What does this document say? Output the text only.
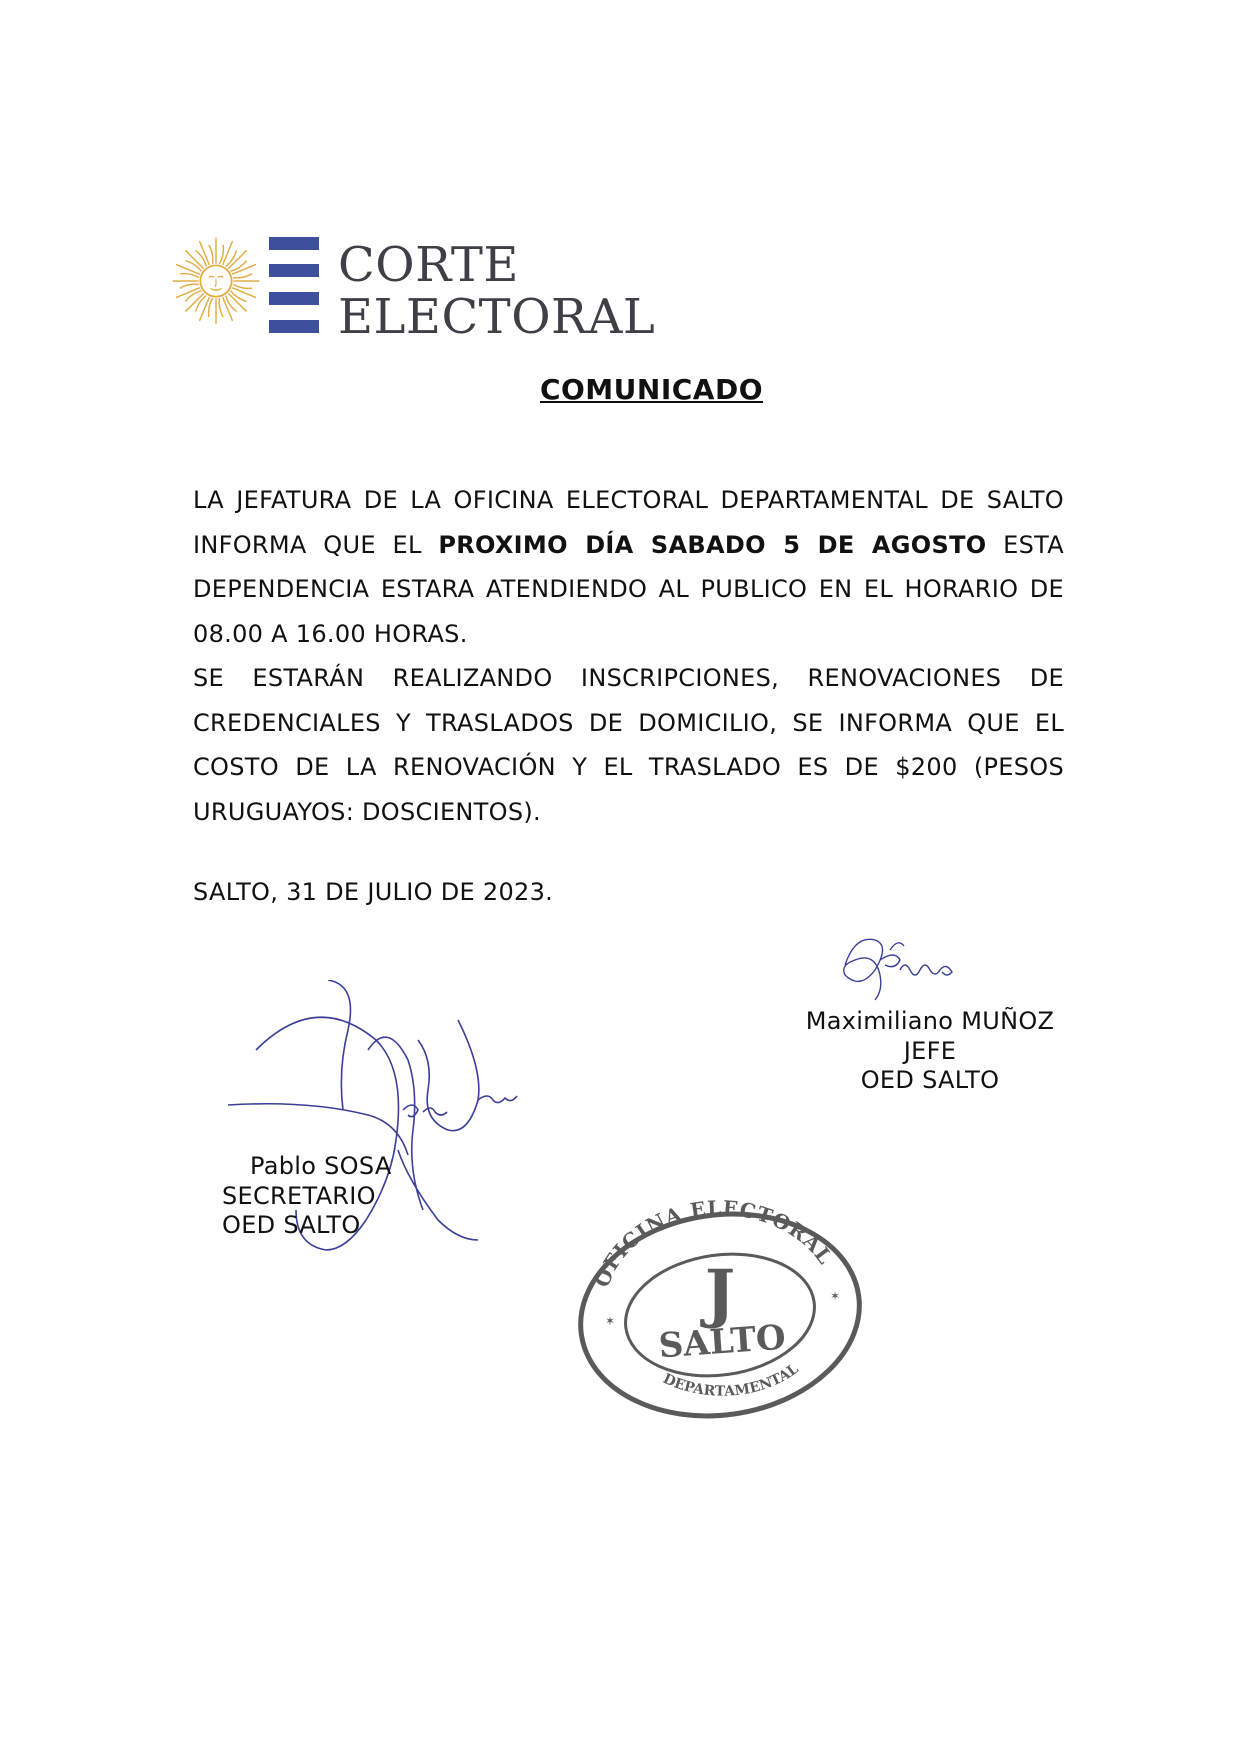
CORTE
ELECTORAL
COMUNICADO

LA JEFATURA DE LA OFICINA ELECTORAL DEPARTAMENTAL DE SALTO

INFORMA QUE EL PROXIMO DÍA SABADO 5 DE AGOSTO ESTA

DEPENDENCIA ESTARA ATENDIENDO AL PUBLICO EN EL HORARIO DE 08.00 A 16.00 HORAS.

SE ESTARÁN REALIZANDO INSCRIPCIONES, RENOVACIONES DE CREDENCIALES Y TRASLADOS DE DOMICILIO, SE INFORMA QUE EL COSTO DE LA RENOVACIÓN Y EL TRASLADO ES DE $200 (PESOS URUGUAYOS: DOSCIENTOS).

SALTO, 31 DE JULIO DE 2023.
Maximiliano MUÑOZ
JEFE
OED SALTO
Pablo SOSA
SECRETARIO
OED SALTO
OFICINA ELECTORAL
J
SALTO
DEPARTAMENTAL
✶
✶
